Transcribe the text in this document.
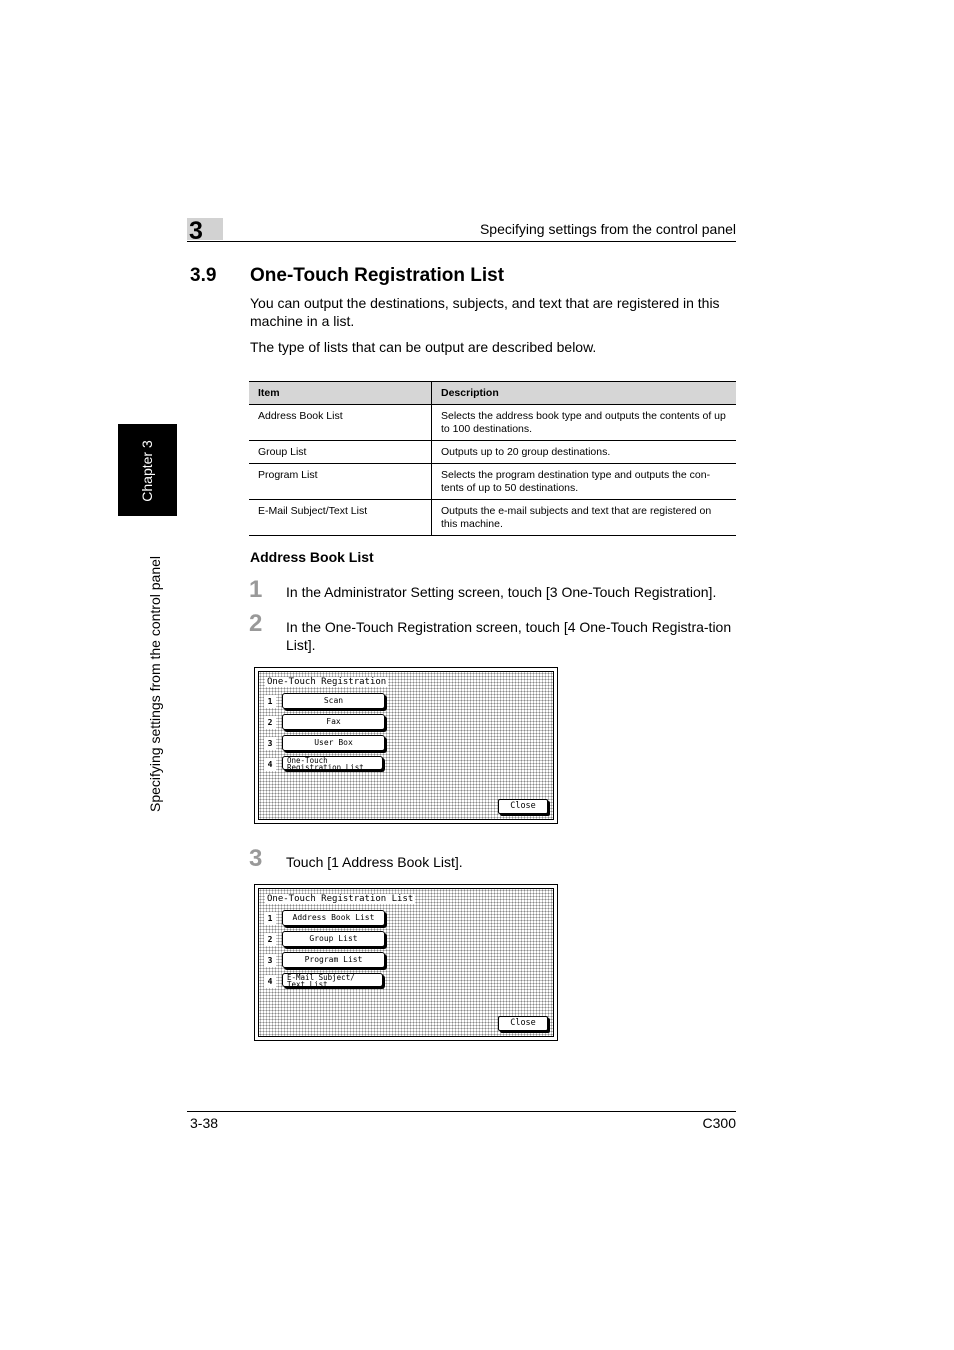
3	Specifying settings from the control panel
Chapter 3
Specifying settings from the control panel
3.9 One-Touch Registration List
You can output the destinations, subjects, and text that are registered in this machine in a list.
The type of lists that can be output are described below.
Item	Description
Address Book List	Selects the address book type and outputs the contents of up to 100 destinations.
Group List	Outputs up to 20 group destinations.
Program List	Selects the program destination type and outputs the con-tents of up to 50 destinations.
E-Mail Subject/Text List	Outputs the e-mail subjects and text that are registered on this machine.
Address Book List
1 In the Administrator Setting screen, touch [3 One-Touch Registration].
2 In the One-Touch Registration screen, touch [4 One-Touch Registra-tion List].
One-Touch Registration
1	Scan
2	Fax
3	User Box
4	One-Touch
Registration List
Close
3 Touch [1 Address Book List].
One-Touch Registration List
1	Address Book List
2	Group List
3	Program List
4	E-Mail Subject/
Text List
Close
3-38	C300
